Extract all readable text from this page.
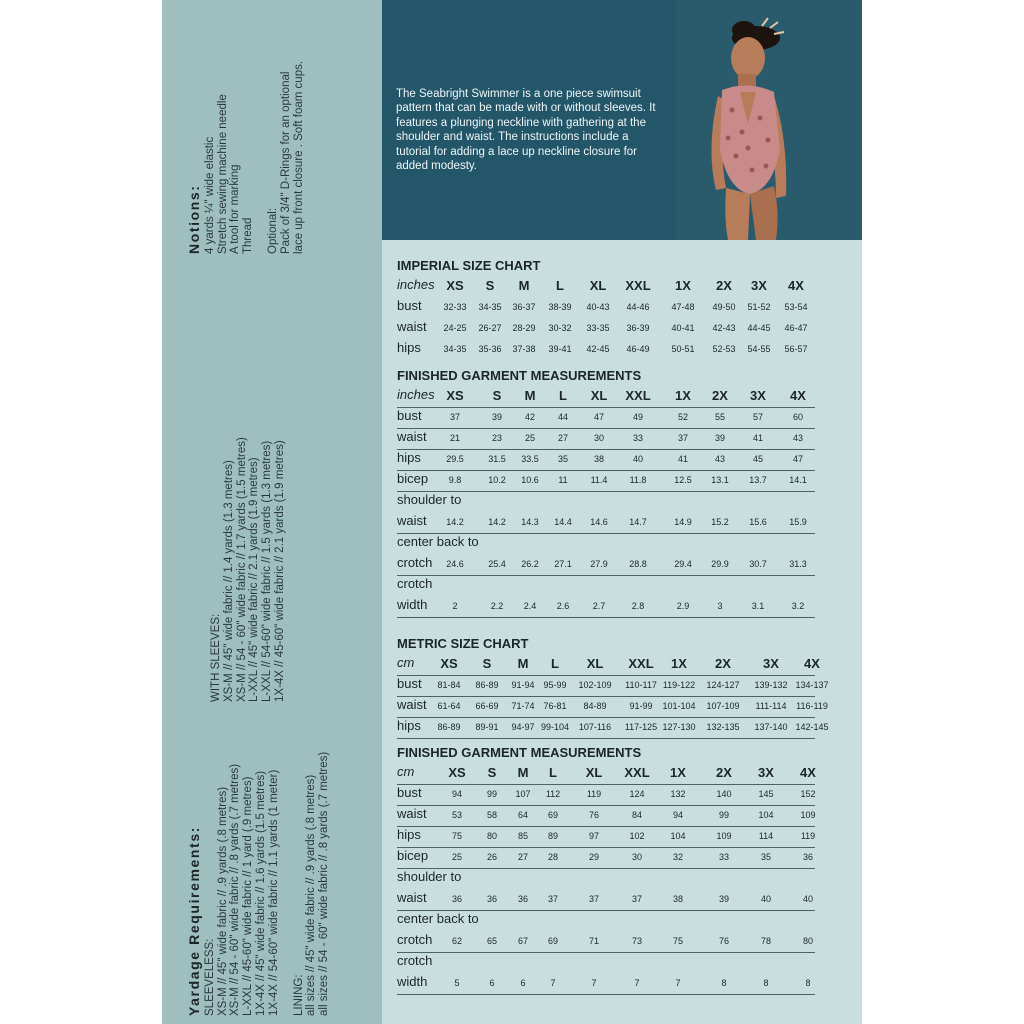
Yardage Requirements: SLEEVELESS: XS-M // 45" wide fabric // .9 yards (.8 metres) XS-M // 54 - 60" wide fabric // .8 yards (.7 metres) L-XXL // 45-60" wide fabric // 1 yard (.9 metres) 1X-4X // 45" wide fabric // 1.6 yards (1.5 metres) 1X-4X // 54-60" wide fabric // 1.1 yards (1 meter) LINING: all sizes // 45" wide fabric // .9 yards (.8 metres) all sizes // 54 - 60" wide fabric // .8 yards (.7 metres)
WITH SLEEVES: XS-M // 45" wide fabric // 1.4 yards (1.3 metres) XS-M // 54 - 60" wide fabric // 1.7 yards (1.5 metres) L-XXL // 45" wide fabric // 2.1 yards (1.9 metres) L-XXL // 54-60" wide fabric // 1.5 yards (1.3 metres) 1X-4X // 45-60" wide fabric // 2.1 yards (1.9 metres)
Notions: 4 yards ¼" wide elastic Stretch sewing machine needle A tool for marking Thread Optional: Pack of 3/4" D-Rings for an optional lace up front closure . Soft foam cups.	The Seabright Swimmer is a one piece swimsuit pattern that can be made with or without sleeves. It features a plunging neckline with gathering at the shoulder and waist. The instructions include a tutorial for adding a lace up neckline closure for added modesty.
IMPERIAL SIZE CHART
inches XS S M L XL XXL 1X 2X 3X 4X
bust 32-33 34-35 36-37 38-39 40-43 44-46 47-48 49-50 51-52 53-54
waist 24-25 26-27 28-29 30-32 33-35 36-39 40-41 42-43 44-45 46-47
hips	34-35 35-36 37-38 39-41 42-45 46-49 50-51 52-53 54-55 56-57
FINISHED GARMENT MEASUREMENTS
inches XS S M L XL XXL 1X 2X 3X 4X
bust	37	39	42	44	47	49	52	55	57	60
waist	21	23	25	27	30	33	37	39	41	43
hips	29.5	31.5 33.5 35	38	40	41	43	45	47
bicep 9.8	10.2 10.6 11	11.4 11.8	12.5 13.1 13.7 14.1
shoulder to
waist 14.2	14.2 14.3 14.4 14.6 14.7	14.9 15.2 15.6 15.9
center back to
crotch 24.6	25.4 26.2 27.1 27.9 28.8	29.4 29.9 30.7 31.3
crotch
width	2	2.2 2.4 2.6	2.7	2.8	2.9	3	3.1	3.2
METRIC SIZE CHART
cm XS S M L XL XXL 1X 2X 3X 4X
bust 81-84 86-89 91-94 95-99 102-109 110-117 119-122 124-127 139-132 134-137
waist 61-64 66-69 71-74 76-81 84-89	91-99 101-104 107-109 111-114 116-119
hips 86-89 89-91 94-97 99-104 107-116 117-125 127-130 132-135 137-140 142-145
FINISHED GARMENT MEASUREMENTS
cm	XS S M L XL XXL 1X 2X 3X 4X
bust	94	99 107 112	119	124	132	140	145	152
waist	53	58 64 69	76	84	94	99	104	109
hips	75	80 85 89	97	102	104	109	114	119
bicep	25	26 27 28	29	30	32	33	35	36
shoulder to
waist	36	36 36 37	37	37	38	39	40	40
center back to
crotch 62	65 67 69	71	73	75	76	78	80
crotch
width	5	6	6	7	7	7	7	8	8	8
